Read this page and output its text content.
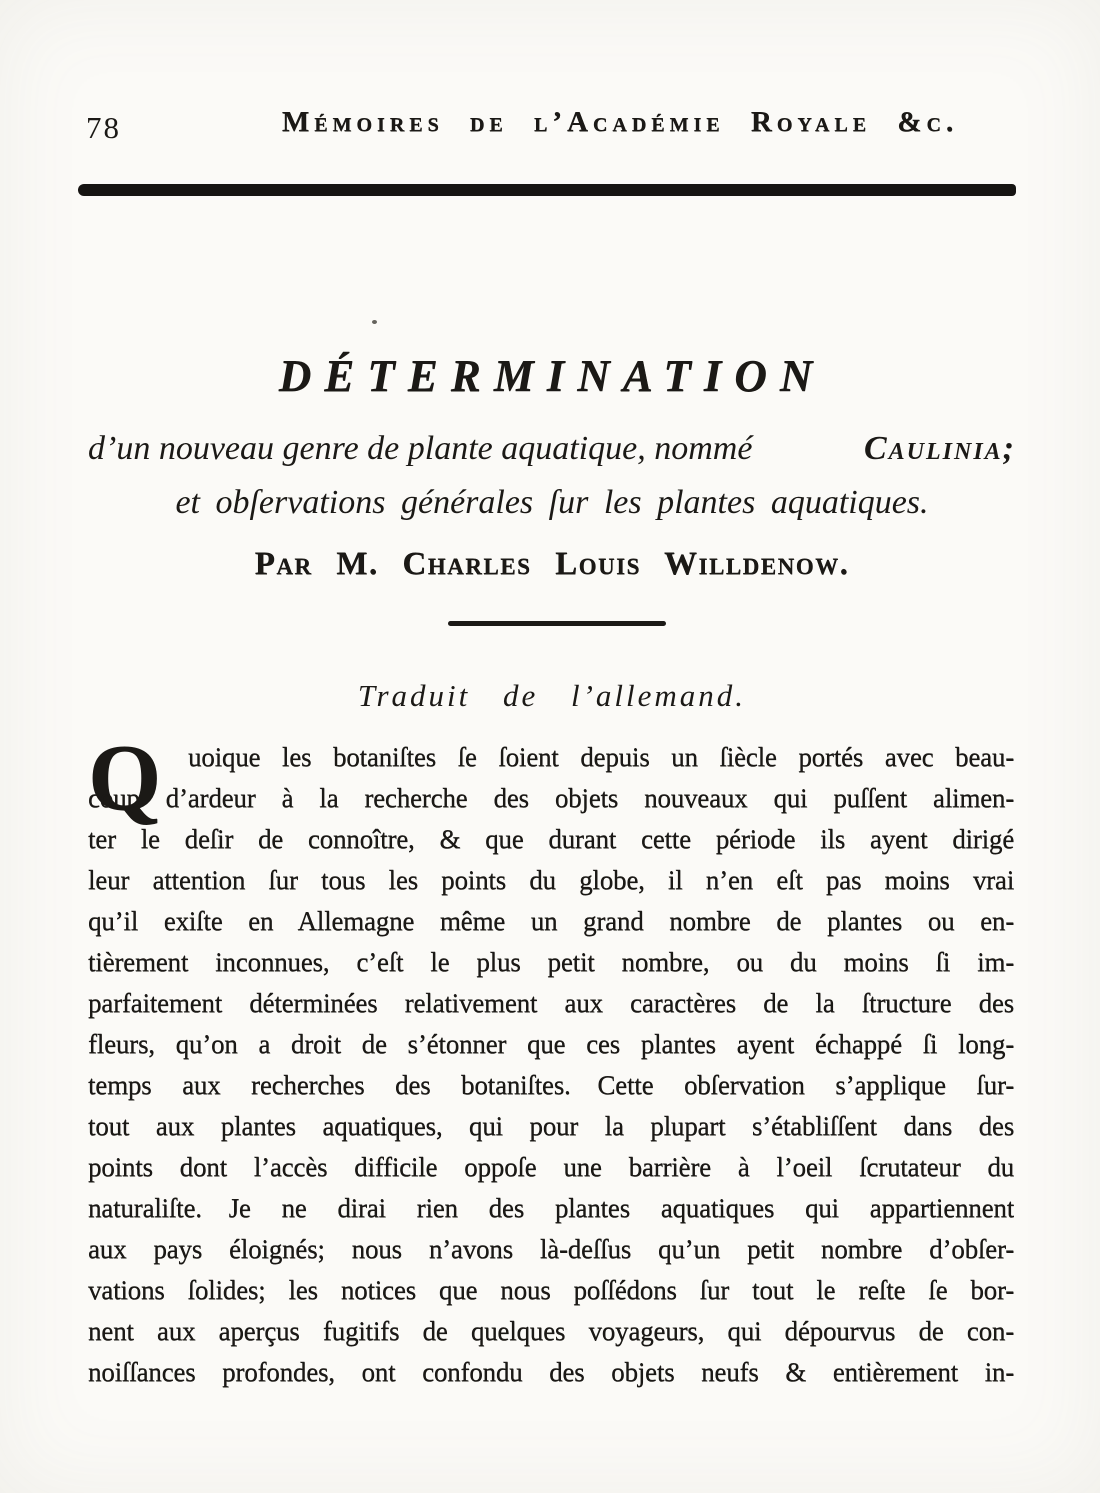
78	Mémoires de l’Académie Royale &c.
DÉTERMINATION
d’un nouveau genre de plante aquatique, nommé	Caulinia;
et obſervations générales ſur les plantes aquatiques.
Par M. Charles Louis Willdenow.
Traduit de l’allemand.
Q uoique les botaniſtes ſe ſoient depuis un ſiècle portés avec beau-
coup d’ardeur à la recherche des objets nouveaux qui puſſent alimen-
ter le deſir de connoître, & que durant cette période ils ayent dirigé
leur attention ſur tous les points du globe, il n’en eſt pas moins vrai
qu’il exiſte en Allemagne même un grand nombre de plantes ou en-
tièrement inconnues, c’eſt le plus petit nombre, ou du moins ſi im-
parfaitement déterminées relativement aux caractères de la ſtructure des
fleurs, qu’on a droit de s’étonner que ces plantes ayent échappé ſi long-
temps aux recherches des botaniſtes. Cette obſervation s’applique ſur-
tout aux plantes aquatiques, qui pour la plupart s’établiſſent dans des
points dont l’accès difficile oppoſe une barrière à l’oeil ſcrutateur du
naturaliſte. Je ne dirai rien des plantes aquatiques qui appartiennent
aux pays éloignés; nous n’avons là-deſſus qu’un petit nombre d’obſer-
vations ſolides; les notices que nous poſſédons ſur tout le reſte ſe bor-
nent aux aperçus fugitifs de quelques voyageurs, qui dépourvus de con-
noiſſances profondes, ont confondu des objets neufs & entièrement in-
